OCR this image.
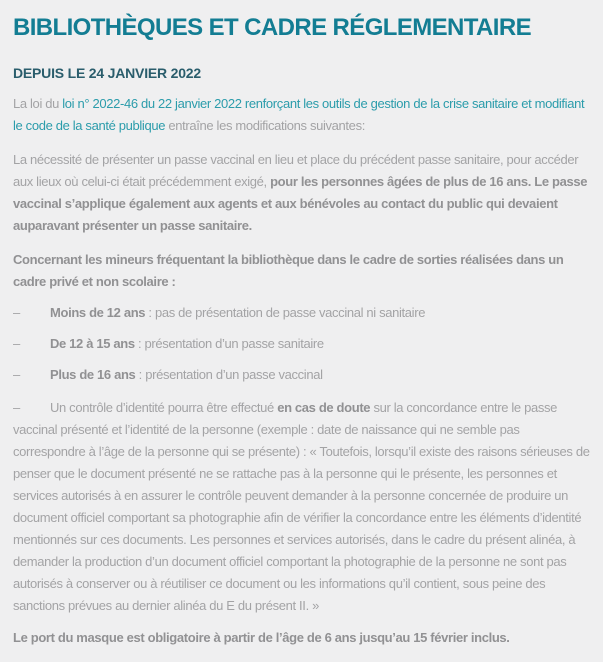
BIBLIOTHÈQUES ET CADRE RÉGLEMENTAIRE
DEPUIS LE 24 JANVIER 2022

La loi du loi n° 2022-46 du 22 janvier 2022 renforçant les outils de gestion de la crise sanitaire et modifiant le code de la santé publique entraîne les modifications suivantes:

La nécessité de présenter un passe vaccinal en lieu et place du précédent passe sanitaire, pour accéder aux lieux où celui-ci était précédemment exigé, pour les personnes âgées de plus de 16 ans. Le passe vaccinal s’applique également aux agents et aux bénévoles au contact du public qui devaient auparavant présenter un passe sanitaire.

Concernant les mineurs fréquentant la bibliothèque dans le cadre de sorties réalisées dans un cadre privé et non scolaire :

– Moins de 12 ans : pas de présentation de passe vaccinal ni sanitaire

– De 12 à 15 ans : présentation d’un passe sanitaire

– Plus de 16 ans : présentation d’un passe vaccinal

– Un contrôle d’identité pourra être effectué en cas de doute sur la concordance entre le passe vaccinal présenté et l’identité de la personne (exemple : date de naissance qui ne semble pas correspondre à l’âge de la personne qui se présente) : « Toutefois, lorsqu’il existe des raisons sérieuses de penser que le document présenté ne se rattache pas à la personne qui le présente, les personnes et services autorisés à en assurer le contrôle peuvent demander à la personne concernée de produire un document officiel comportant sa photographie afin de vérifier la concordance entre les éléments d’identité mentionnés sur ces documents. Les personnes et services autorisés, dans le cadre du présent alinéa, à demander la production d’un document officiel comportant la photographie de la personne ne sont pas autorisés à conserver ou à réutiliser ce document ou les informations qu’il contient, sous peine des sanctions prévues au dernier alinéa du E du présent II. »

Le port du masque est obligatoire à partir de l’âge de 6 ans jusqu’au 15 février inclus.
